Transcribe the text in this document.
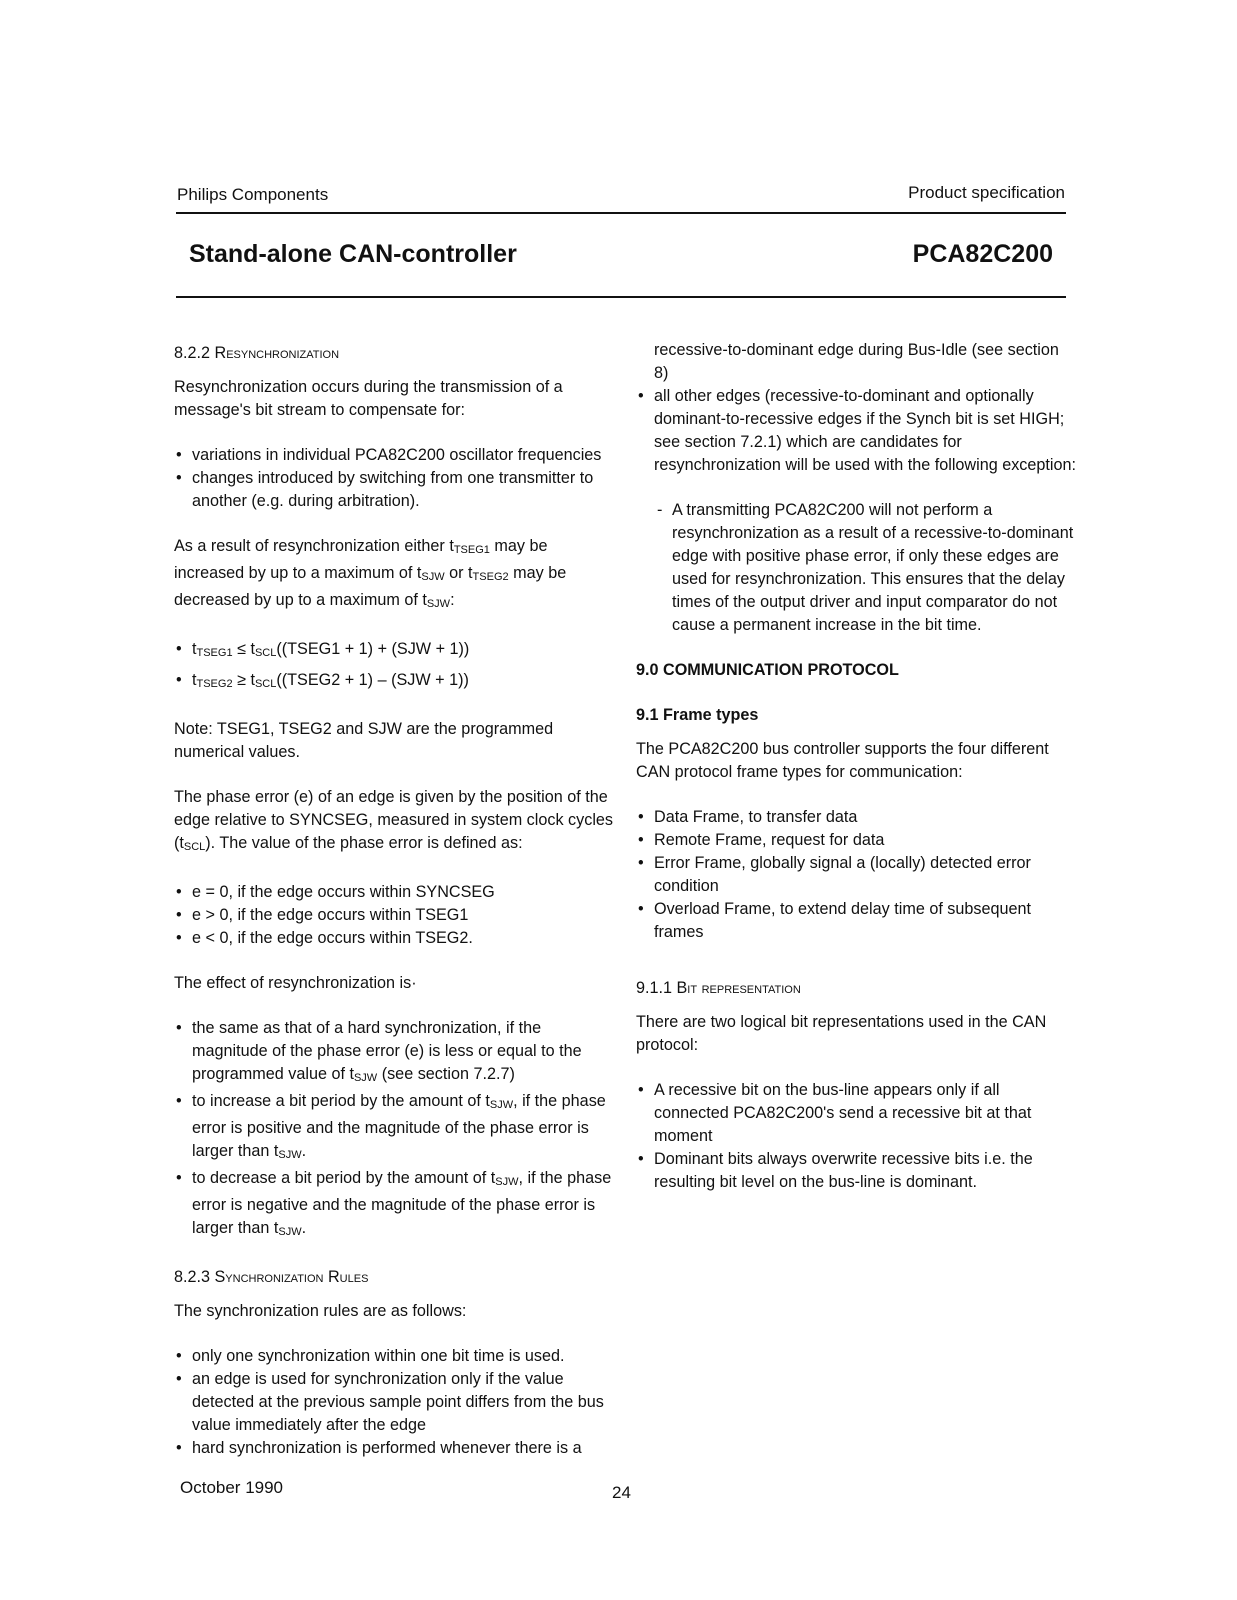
Philips Components	Product specification
Stand-alone CAN-controller	PCA82C200

8.2.2 Resynchronization

Resynchronization occurs during the transmission of a message's bit stream to compensate for:

• variations in individual PCA82C200 oscillator frequencies
• changes introduced by switching from one transmitter to another (e.g. during arbitration).

As a result of resynchronization either tTSEG1 may be increased by up to a maximum of tSJW or tTSEG2 may be decreased by up to a maximum of tSJW:

• tTSEG1 ≤ tSCL((TSEG1 + 1) + (SJW + 1))
• tTSEG2 ≥ tSCL((TSEG2 + 1) – (SJW + 1))

Note: TSEG1, TSEG2 and SJW are the programmed numerical values.

The phase error (e) of an edge is given by the position of the edge relative to SYNCSEG, measured in system clock cycles (tSCL). The value of the phase error is defined as:

• e = 0, if the edge occurs within SYNCSEG
• e > 0, if the edge occurs within TSEG1
• e < 0, if the edge occurs within TSEG2.

The effect of resynchronization is·

• the same as that of a hard synchronization, if the magnitude of the phase error (e) is less or equal to the programmed value of tSJW (see section 7.2.7)
• to increase a bit period by the amount of tSJW, if the phase error is positive and the magnitude of the phase error is larger than tSJW.
• to decrease a bit period by the amount of tSJW, if the phase error is negative and the magnitude of the phase error is larger than tSJW.

8.2.3 Synchronization Rules

The synchronization rules are as follows:

• only one synchronization within one bit time is used.
• an edge is used for synchronization only if the value detected at the previous sample point differs from the bus value immediately after the edge
• hard synchronization is performed whenever there is a

recessive-to-dominant edge during Bus-Idle (see section 8)

• all other edges (recessive-to-dominant and optionally dominant-to-recessive edges if the Synch bit is set HIGH; see section 7.2.1) which are candidates for resynchronization will be used with the following exception:
- A transmitting PCA82C200 will not perform a resynchronization as a result of a recessive-to-dominant edge with positive phase error, if only these edges are used for resynchronization. This ensures that the delay times of the output driver and input comparator do not cause a permanent increase in the bit time.

9.0 COMMUNICATION PROTOCOL

9.1 Frame types

The PCA82C200 bus controller supports the four different CAN protocol frame types for communication:

• Data Frame, to transfer data
• Remote Frame, request for data
• Error Frame, globally signal a (locally) detected error condition
• Overload Frame, to extend delay time of subsequent frames

9.1.1 Bit representation

There are two logical bit representations used in the CAN protocol:

• A recessive bit on the bus-line appears only if all connected PCA82C200's send a recessive bit at that moment
• Dominant bits always overwrite recessive bits i.e. the resulting bit level on the bus-line is dominant.
October 1990	24
